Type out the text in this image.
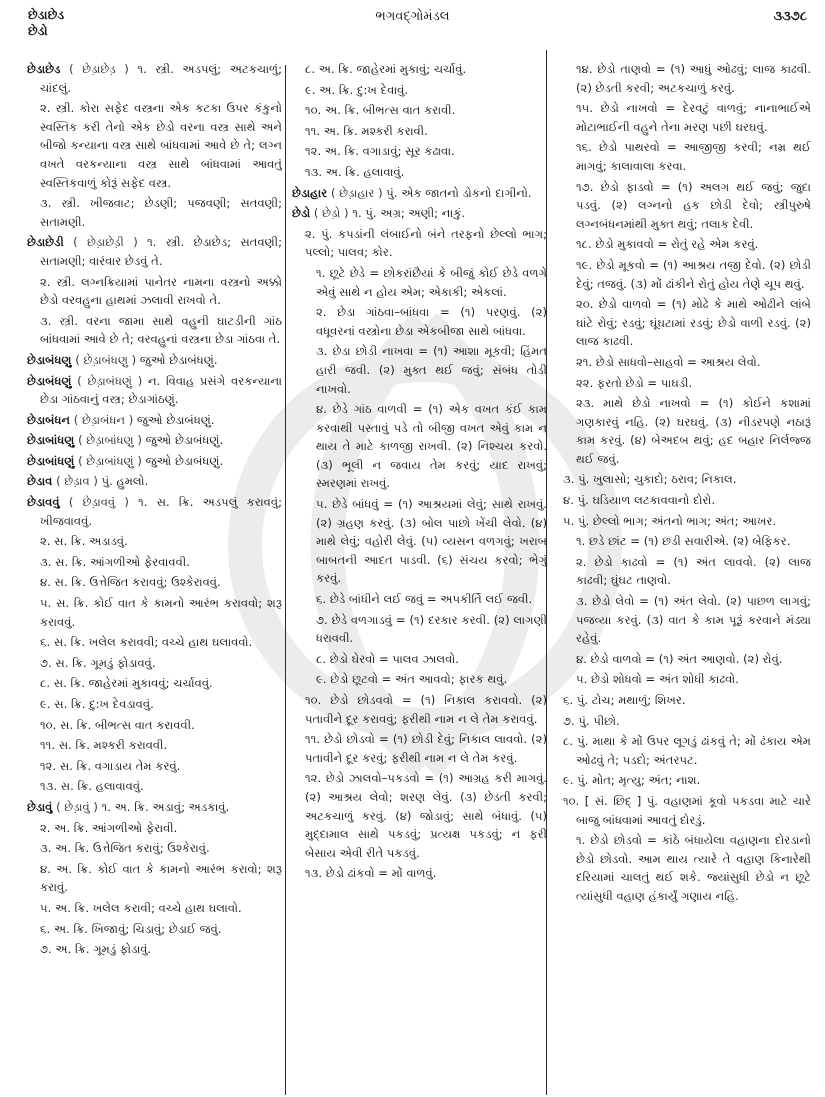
છેડાછેડ
છેડો
ભગવદ્ગોમંડલ	૩૩૭૮

છેડાછેડ ( છેડ઼ાછેડ઼ ) ૧. સ્ત્રી. અડપલું; અટકચાળું; ચાંદલું.

૨. સ્ત્રી. કોરા સફેદ વસ્ત્રના એક કટકા ઉપર કંકુનો સ્વસ્તિક કરી તેનો એક છેડો વરના વસ્ત્ર સાથે અને બીજો કન્યાના વસ્ત્ર સાથે બાંધવામાં આવે છે તે; લગ્ન વખતે વરકન્યાના વસ્ત્ર સાથે બાંધવામાં આવતું સ્વસ્તિકવાળું કોરૂં સફેદ વસ્ત્ર.

૩. સ્ત્રી. ખીજવાટ; છેડણી; પજવણી; સતવણી; સતામણી.

છેડાછેડી ( છેડ઼ાછેડ઼ી ) ૧. સ્ત્રી. છેડાછેડ; સતવણી; સતામણી; વારંવાર છેડવું તે.

૨. સ્ત્રી. લગ્નક્રિયામાં પાનેતર નામના વસ્ત્રનો અક્કો છેડો વરવહુના હાથમાં ઝલાવી રાખવો તે.

૩. સ્ત્રી. વરના જામા સાથે વહુની ઘાટડીની ગાંઠ બાંધવામાં આવે છે તે; વરવહુનાં વસ્ત્રના છેડા ગાંઠવા તે.

છેડાબંધણુ ( છેડ઼ાબંધણુ ) જુઓ છેડાબંધણું.

છેડાબંધણું ( છેડ઼ાબંધણું ) ન. વિવાહ પ્રસંગે વરકન્યાના છેડા ગાંઠવાનું વસ્ત્ર; છેડાગાંઠણું.

છેડાબંધન ( છેડ઼ાબંધન ) જુઓ છેડાબંધણું.

છેડાબાંધણુ ( છેડ઼ાબાંધણુ ) જુઓ છેડાબંધણું.

છેડાબાંધણું ( છેડ઼ાબાંધણું ) જુઓ છેડાબંધણું.

છેડાવ ( છેડ઼ાવ ) પું. હુમલો.

છેડાવવું ( છેડ઼ાવવું ) ૧. સ. ક્રિ. અડપલું કરાવવું; ખીજવાવવું.

૨. સ. ક્રિ. અડાડવું.

૩. સ. ક્રિ. આંગળીઓ ફેરવાવવી.

૪. સ. ક્રિ. ઉત્તેજિત કરાવવું; ઉશ્કેરાવવું.

૫. સ. ક્રિ. કોઈ વાત કે કામનો આરંભ કરાવવો; શરૂ કરાવવું.

૬. સ. ક્રિ. ખલેલ કરાવવી; વચ્ચે હાથ ઘલાવવો.

૭. સ. ક્રિ. ગૂમડું ફોડાવવું.

૮. સ. ક્રિ. જાહેરમાં મુકાવવું; ચર્ચાવવું.

૯. સ. ક્રિ. દુ:ખ દેવડાવવું.

૧૦. સ. ક્રિ. બીભત્સ વાત કરાવવી.

૧૧. સ. ક્રિ. મશ્કરી કરાવવી.

૧૨. સ. ક્રિ. વગાડાય તેમ કરવું.

૧૩. સ. ક્રિ. હલાવાવવું.

છેડાવું ( છેડ઼ાવું ) ૧. અ. ક્રિ. અડાવું; અડકાવું.

૨. અ. ક્રિ. આંગળીઓ ફેરાવી.

૩. અ. ક્રિ. ઉત્તેજિત કરાવું; ઉશ્કેરાવું.

૪. અ. ક્રિ. કોઈ વાત કે કામનો આરંભ કરાવો; શરૂ કરાવું.

૫. અ. ક્રિ. ખલેલ કરાવી; વચ્ચે હાથ ઘલાવો.

૬. અ. ક્રિ. ખિજાવું; ચિડાવું; છેડાઈ જવું.

૭. અ. ક્રિ. ગૂમડું ફોડાવું.

૮. અ. ક્રિ. જાહેરમાં મુકાવું; ચર્ચાવું.

૯. અ. ક્રિ. દુ:ખ દેવાવું.

૧૦. અ. ક્રિ. બીભત્સ વાત કરાવી.

૧૧. અ. ક્રિ. મશ્કરી કરાવી.

૧૨. અ. ક્રિ. વગાડાવું; સૂર કઢાવા.

૧૩. અ. ક્રિ. હલાવાવું.

છેડાહાર ( છેડ઼ાહાર ) પું. એક જાતનો ડોકનો દાગીનો.

છેડો ( છેડ઼ો ) ૧. પું. અગ્ર; અણી; નાકું.

૨. પું. કપડાંની લંબાઈનો બંને તરફનો છેલ્લો ભાગ; પલ્લો; પાલવ; કોર.

૧. છૂટે છેડે = છોકરાંછૈયાં કે બીજું કોઈ છેડે વળગે એવું સાથે ન હોય એમ; એકાકી; એકલાં.

૨. છેડા ગાંઠવા–બાંધવા = (૧) પરણવું. (૨) વધૂવરનાં વસ્ત્રોના છેડા એકબીજા સાથે બાંધવા.

૩. છેડા છોડી નાખવા = (૧) આશા મૂકવી; હિંમત હારી જવી. (૨) મુક્ત થઈ જવું; સંબંધ તોડી નાખવો.

૪. છેડે ગાંઠ વાળવી = (૧) એક વખત કંઈ કામ કરવાથી પસ્તાવું પડે તો બીજી વખત એવું કામ ન થાય તે માટે કાળજી રાખવી. (૨) નિશ્ચય કરવો. (૩) ભૂલી ન જવાય તેમ કરવું; યાદ રાખવું; સ્મરણમાં રાખવું.

૫. છેડે બાંધવું = (૧) આશ્રયમાં લેવું; સાથે રાખવું. (૨) ગ્રહણ કરવું. (૩) બોલ પાછો ખેંચી લેવો. (૪) માથે લેવું; વહોરી લેવું. (૫) વ્યસન વળગવું; ખરાબ બાબતની આદત પાડવી. (૬) સંચય કરવો; ભેગું કરવું.

૬. છેડે બાંધીને લઈ જવું = અપકીર્તિ લઈ જવી.

૭. છેડે વળગાડવું = (૧) દરકાર કરવી. (૨) લાગણી ધરાવવી.

૮. છેડો ઘેરવો = પાલવ ઝાલવો.

૯. છેડો છૂટવો = અંત આવવો; ફારક થવું.

૧૦. છેડો છોડવવો = (૧) નિકાલ કરાવવો. (૨) પતાવીને દૂર કરાવવું; ફરીથી નામ ન લે તેમ કરાવવું.

૧૧. છેડો છોડવો = (૧) છોડી દેવું; નિકાલ લાવવો. (૨) પતાવીને દૂર કરવું; ફરીથી નામ ન લે તેમ કરવું.

૧૨. છેડો ઝાલવો–પકડવો = (૧) આગ્રહ કરી માગવું. (૨) આશ્રય લેવો; શરણ લેવું. (૩) છેડતી કરવી; અટકચાળું કરવું. (૪) જોડાવું; સાથે બંધાવું. (૫) મુદ્દામાલ સાથે પકડવું; પ્રત્યક્ષ પકડવું; ન ફરી બેસાય એવી રીતે પકડવું.

૧૩. છેડો ઢાંકવો = મોં વાળવું.

૧૪. છેડો તાણવો = (૧) આધું ઓઢવું; લાજ કાઢવી. (૨) છેડતી કરવી; અટકચાળું કરવું.

૧૫. છેડો નાખવો = દેરવટું વાળવું; નાનાભાઈએ મોટાભાઈની વહુને તેના મરણ પછી ઘરઘવું.

૧૬. છેડો પાથરવો = આજીજી કરવી; નમ્ર થઈ માગવું; કાલાવાલા કરવા.

૧૭. છેડો ફાડવો = (૧) અલગ થઈ જવું; જુદા પડવું. (૨) લગ્નનો હક છોડી દેવો; સ્ત્રીપુરુષે લગ્નબંધનમાંથી મુક્ત થવું; તલાક દેવી.

૧૮. છેડો મુકાવવો = રોતું રહે એમ કરવું.

૧૯. છેડો મૂકવો = (૧) આશ્રય તજી દેવો. (૨) છોડી દેવું; તજવું. (૩) મોં ઢાંકીને રોતું હોય તેણે ચૂપ થવું.

૨૦. છેડો વાળવો = (૧) મોઢે કે માથે ઓઢીને લાંબે ઘાંટે રોવું; રડવું; ઘૂંઘટામાં રડવું; છેડો વાળી રડવું. (૨) લાજ કાઢવી.

૨૧. છેડો સાધવો–સાહવો = આશ્રય લેવો.

૨૨. ફરતો છેડો = પાઘડી.

૨૩. માથે છેડો નાખવો = (૧) કોઈને કશામાં ગણકારવું નહિ. (૨) ઘરઘવું. (૩) નીડરપણે નઠારૂં કામ કરવું. (૪) બેઅદબ થવું; હદ બહાર નિર્લજ્જ થઈ જવું.

૩. પું. ખુલાસો; ચુકાદો; ઠરાવ; નિકાલ.

૪. પું. ઘડિયાળ લટકાવવાનો દોરો.

૫. પું. છેલ્લો ભાગ; અંતનો ભાગ; અંત; આખર.

૧. છડે છાંટ = (૧) છડી સવારીએ. (૨) બેફિકર.

૨. છેડો કાઢવો = (૧) અંત લાવવો. (૨) લાજ કાઢવી; ઘુંઘટ તાણવો.

૩. છેડો લેવો = (૧) અંત લેવો. (૨) પાછળ લાગવું; પજવ્યા કરવું. (૩) વાત કે કામ પૂરૂં કરવાને મંડ્યા રહેવું.

૪. છેડો વાળવો = (૧) અંત આણવો. (૨) રોવું.

૫. છેડો શોધવો = અંત શોધી કાઢવો.

૬. પું. ટોચ; મથાળું; શિખર.

૭. પું. પીછો.

૮. પું. માથા કે મોં ઉપર લૂગડું ઢાંકવું તે; મોં ઢંકાય એમ ઓઢવું તે; પડદો; અંતરપટ.

૯. પું. મોત; મૃત્યુ; અંત; નાશ.

૧૦. [ સં. છિદ્ ] પું. વહાણમાં કૂવો પકડવા માટે ચારે બાજુ બાંધવામાં આવતું દોરડું.

૧. છેડો છોડવો = કાંઠે બંધાયેલા વહાણના દોરડાનો છેડો છોડવો. આમ થાય ત્યારે તે વહાણ કિનારેથી દરિયામાં ચાલતું થઈ શકે. જ્યાંસુધી છેડો ન છૂટે ત્યાંસુધી વહાણ હંકાર્યું ગણાય નહિ.
